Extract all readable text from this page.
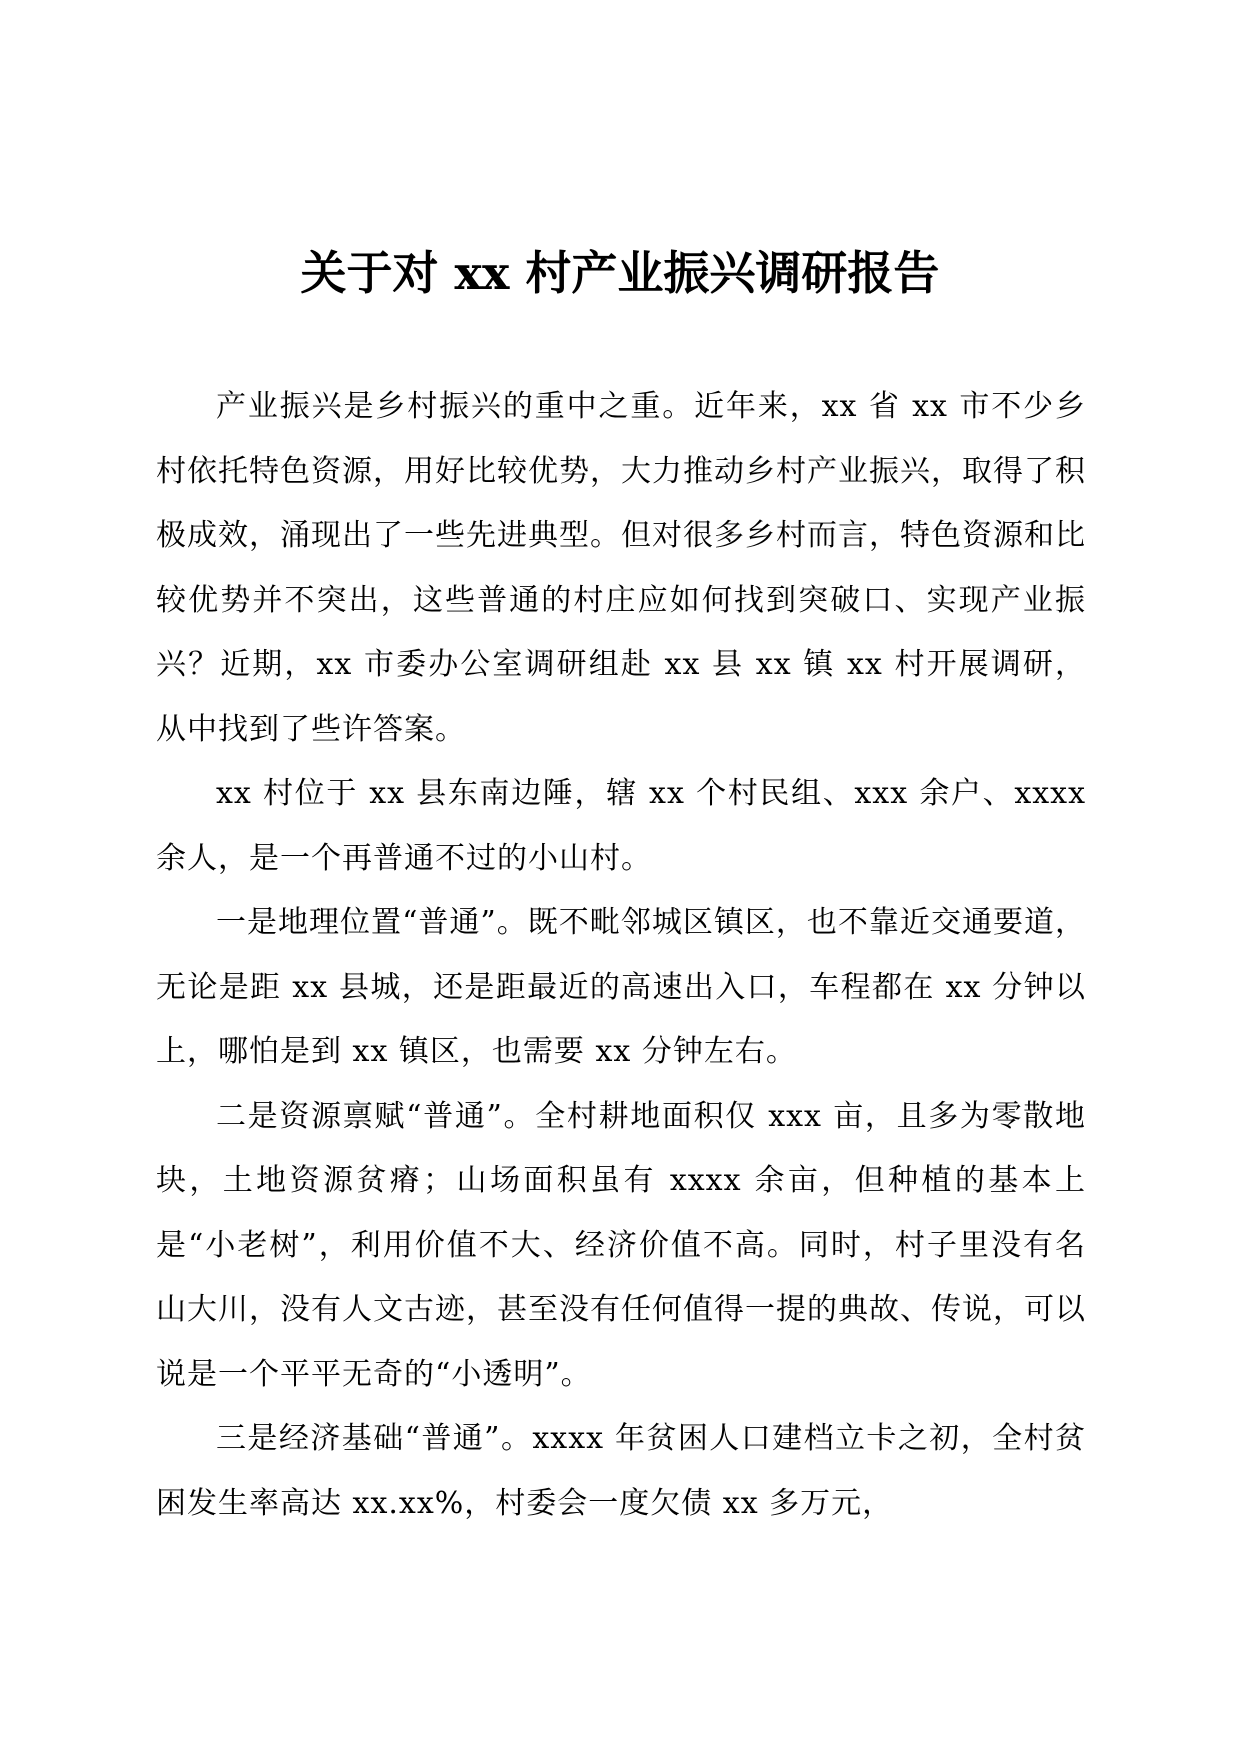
关于对 xx 村产业振兴调研报告

产业振兴是乡村振兴的重中之重。近年来，xx 省 xx 市不少乡村依托特色资源，用好比较优势，大力推动乡村产业振兴，取得了积极成效，涌现出了一些先进典型。但对很多乡村而言，特色资源和比较优势并不突出，这些普通的村庄应如何找到突破口、实现产业振兴？近期，xx 市委办公室调研组赴 xx 县 xx 镇 xx 村开展调研，从中找到了些许答案。

xx 村位于 xx 县东南边陲，辖 xx 个村民组、xxx 余户、xxxx 余人，是一个再普通不过的小山村。

一是地理位置“普通”。既不毗邻城区镇区，也不靠近交通要道，无论是距 xx 县城，还是距最近的高速出入口，车程都在 xx 分钟以上，哪怕是到 xx 镇区，也需要 xx 分钟左右。

二是资源禀赋“普通”。全村耕地面积仅 xxx 亩，且多为零散地块，土地资源贫瘠；山场面积虽有 xxxx 余亩，但种植的基本上是“小老树”，利用价值不大、经济价值不高。同时，村子里没有名山大川，没有人文古迹，甚至没有任何值得一提的典故、传说，可以说是一个平平无奇的“小透明”。

三是经济基础“普通”。xxxx 年贫困人口建档立卡之初，全村贫困发生率高达 xx.xx%，村委会一度欠债 xx 多万元，
